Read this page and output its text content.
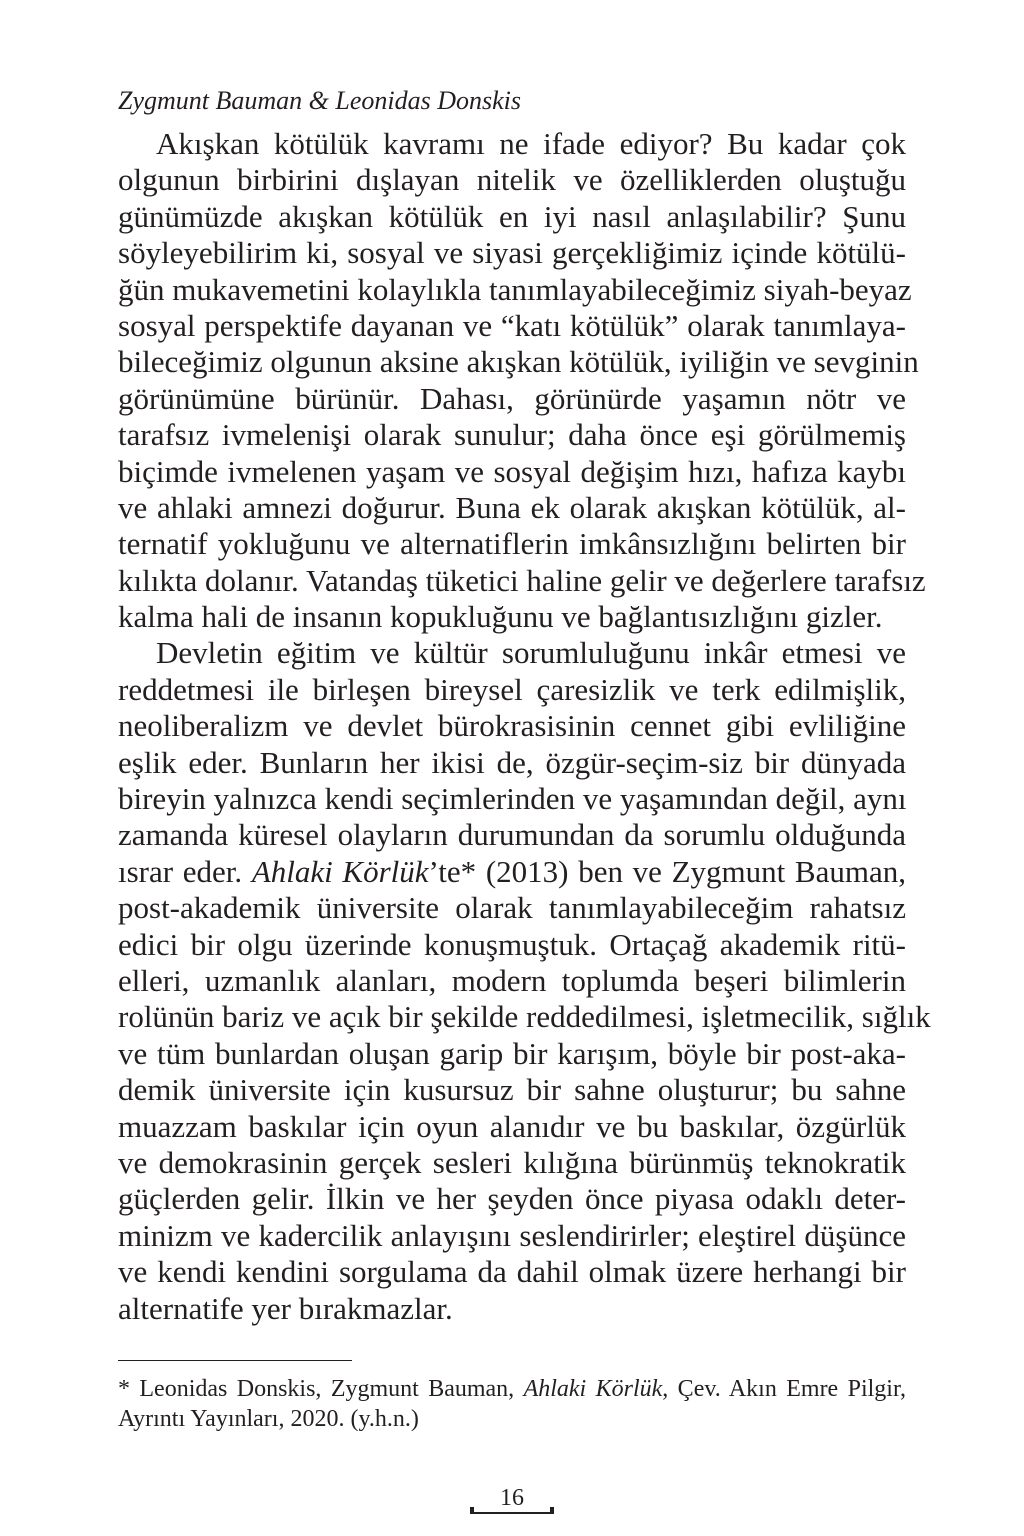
Zygmunt Bauman & Leonidas Donskis
Akışkan kötülük kavramı ne ifade ediyor? Bu kadar çok
olgunun birbirini dışlayan nitelik ve özelliklerden oluştuğu
günümüzde akışkan kötülük en iyi nasıl anlaşılabilir? Şunu
söyleyebilirim ki, sosyal ve siyasi gerçekliğimiz içinde kötülü-
ğün mukavemetini kolaylıkla tanımlayabileceğimiz siyah-beyaz
sosyal perspektife dayanan ve “katı kötülük” olarak tanımlaya-
bileceğimiz olgunun aksine akışkan kötülük, iyiliğin ve sevginin
görünümüne bürünür. Dahası, görünürde yaşamın nötr ve
tarafsız ivmelenişi olarak sunulur; daha önce eşi görülmemiş
biçimde ivmelenen yaşam ve sosyal değişim hızı, hafıza kaybı
ve ahlaki amnezi doğurur. Buna ek olarak akışkan kötülük, al-
ternatif yokluğunu ve alternatiflerin imkânsızlığını belirten bir
kılıkta dolanır. Vatandaş tüketici haline gelir ve değerlere tarafsız
kalma hali de insanın kopukluğunu ve bağlantısızlığını gizler.
Devletin eğitim ve kültür sorumluluğunu inkâr etmesi ve
reddetmesi ile birleşen bireysel çaresizlik ve terk edilmişlik,
neoliberalizm ve devlet bürokrasisinin cennet gibi evliliğine
eşlik eder. Bunların her ikisi de, özgür-seçim-siz bir dünyada
bireyin yalnızca kendi seçimlerinden ve yaşamından değil, aynı
zamanda küresel olayların durumundan da sorumlu olduğunda
ısrar eder. Ahlaki Körlük’te* (2013) ben ve Zygmunt Bauman,
post-akademik üniversite olarak tanımlayabileceğim rahatsız
edici bir olgu üzerinde konuşmuştuk. Ortaçağ akademik ritü-
elleri, uzmanlık alanları, modern toplumda beşeri bilimlerin
rolünün bariz ve açık bir şekilde reddedilmesi, işletmecilik, sığlık
ve tüm bunlardan oluşan garip bir karışım, böyle bir post-aka-
demik üniversite için kusursuz bir sahne oluşturur; bu sahne
muazzam baskılar için oyun alanıdır ve bu baskılar, özgürlük
ve demokrasinin gerçek sesleri kılığına bürünmüş teknokratik
güçlerden gelir. İlkin ve her şeyden önce piyasa odaklı deter-
minizm ve kadercilik anlayışını seslendirirler; eleştirel düşünce
ve kendi kendini sorgulama da dahil olmak üzere herhangi bir
alternatife yer bırakmazlar.
* Leonidas Donskis, Zygmunt Bauman, Ahlaki Körlük, Çev. Akın Emre Pilgir,
Ayrıntı Yayınları, 2020. (y.h.n.)
16
